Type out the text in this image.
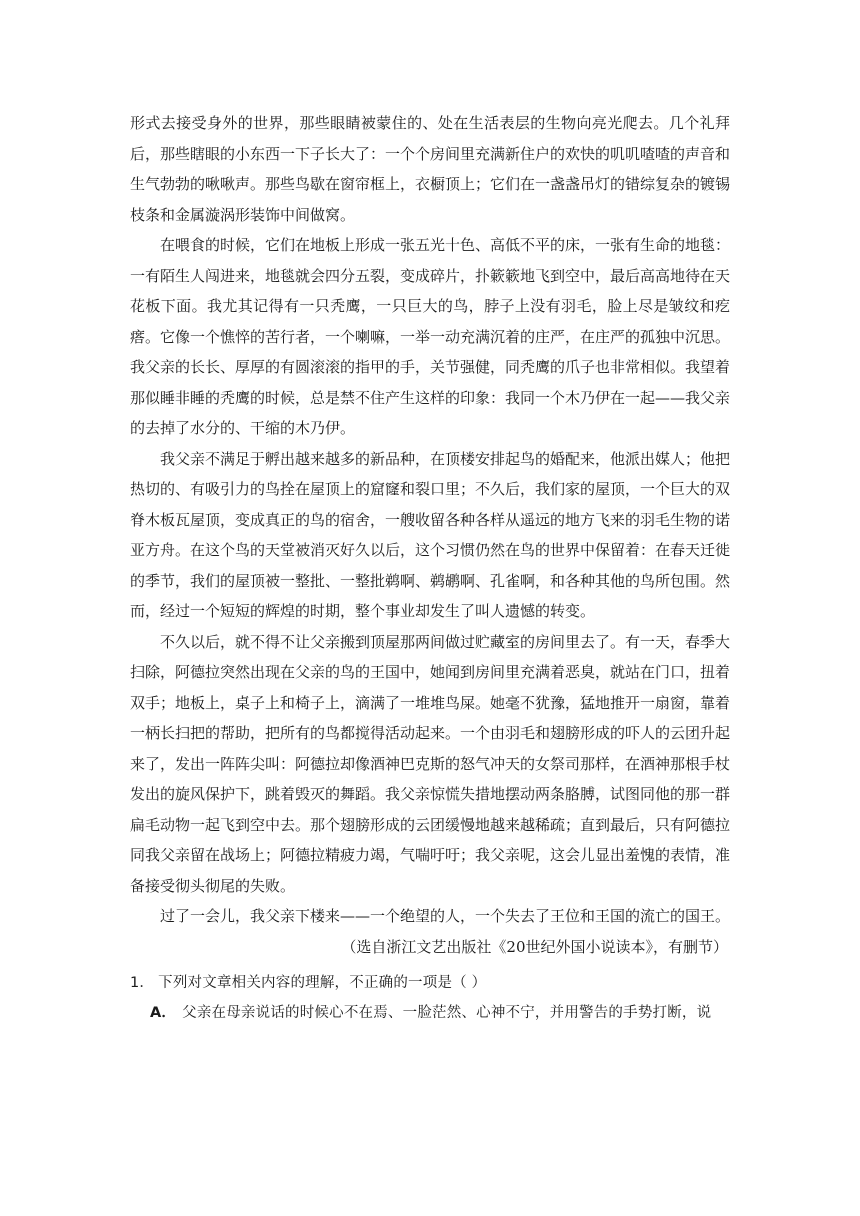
形式去接受身外的世界，那些眼睛被蒙住的、处在生活表层的生物向亮光爬去。几个礼拜后，那些瞎眼的小东西一下子长大了：一个个房间里充满新住户的欢快的叽叽喳喳的声音和生气勃勃的啾啾声。那些鸟歇在窗帘框上，衣橱顶上；它们在一盏盏吊灯的错综复杂的镀锡枝条和金属漩涡形装饰中间做窝。

在喂食的时候，它们在地板上形成一张五光十色、高低不平的床，一张有生命的地毯：一有陌生人闯进来，地毯就会四分五裂，变成碎片，扑簌簌地飞到空中，最后高高地待在天花板下面。我尤其记得有一只秃鹰，一只巨大的鸟，脖子上没有羽毛，脸上尽是皱纹和疙瘩。它像一个憔悴的苦行者，一个喇嘛，一举一动充满沉着的庄严，在庄严的孤独中沉思。我父亲的长长、厚厚的有圆滚滚的指甲的手，关节强健，同秃鹰的爪子也非常相似。我望着那似睡非睡的秃鹰的时候，总是禁不住产生这样的印象：我同一个木乃伊在一起——我父亲的去掉了水分的、干缩的木乃伊。

我父亲不满足于孵出越来越多的新品种，在顶楼安排起鸟的婚配来，他派出媒人；他把热切的、有吸引力的鸟拴在屋顶上的窟窿和裂口里；不久后，我们家的屋顶，一个巨大的双脊木板瓦屋顶，变成真正的鸟的宿舍，一艘收留各种各样从遥远的地方飞来的羽毛生物的诺亚方舟。在这个鸟的天堂被消灭好久以后，这个习惯仍然在鸟的世界中保留着：在春天迁徙的季节，我们的屋顶被一整批、一整批鹈啊、鹈鹕啊、孔雀啊，和各种其他的鸟所包围。然而，经过一个短短的辉煌的时期，整个事业却发生了叫人遗憾的转变。

不久以后，就不得不让父亲搬到顶屋那两间做过贮藏室的房间里去了。有一天，春季大扫除，阿德拉突然出现在父亲的鸟的王国中，她闻到房间里充满着恶臭，就站在门口，扭着双手；地板上，桌子上和椅子上，滴满了一堆堆鸟屎。她毫不犹豫，猛地推开一扇窗，靠着一柄长扫把的帮助，把所有的鸟都搅得活动起来。一个由羽毛和翅膀形成的吓人的云团升起来了，发出一阵阵尖叫：阿德拉却像酒神巴克斯的怒气冲天的女祭司那样，在酒神那根手杖发出的旋风保护下，跳着毁灭的舞蹈。我父亲惊慌失措地摆动两条胳膊，试图同他的那一群扁毛动物一起飞到空中去。那个翅膀形成的云团缓慢地越来越稀疏；直到最后，只有阿德拉同我父亲留在战场上；阿德拉精疲力竭，气喘吁吁；我父亲呢，这会儿显出羞愧的表情，准备接受彻头彻尾的失败。

过了一会儿，我父亲下楼来——一个绝望的人，一个失去了王位和王国的流亡的国王。

（选自浙江文艺出版社《20世纪外国小说读本》，有删节）

1． 下列对文章相关内容的理解，不正确的一项是（ ）

A． 父亲在母亲说话的时候心不在焉、一脸茫然、心神不宁，并用警告的手势打断，说
